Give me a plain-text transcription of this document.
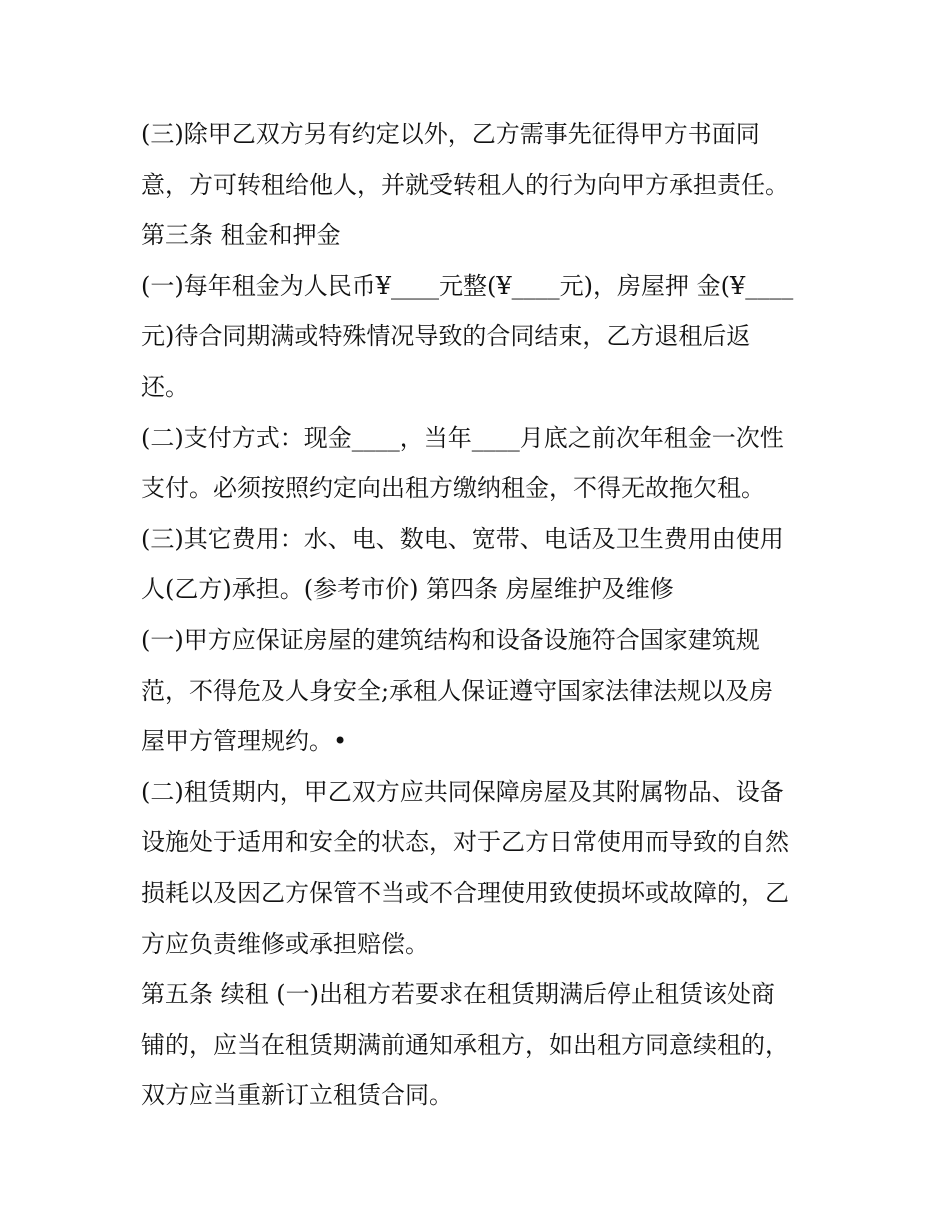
(三)除甲乙双方另有约定以外，乙方需事先征得甲方书面同
意，方可转租给他人，并就受转租人的行为向甲方承担责任。
第三条 租金和押金
(一)每年租金为人民币¥____元整(¥____元)，房屋押 金(¥____
元)待合同期满或特殊情况导致的合同结束，乙方退租后返
还。
(二)支付方式：现金____，当年____月底之前次年租金一次性
支付。必须按照约定向出租方缴纳租金，不得无故拖欠租。
(三)其它费用：水、电、数电、宽带、电话及卫生费用由使用
人(乙方)承担。(参考市价) 第四条 房屋维护及维修
(一)甲方应保证房屋的建筑结构和设备设施符合国家建筑规
范，不得危及人身安全;承租人保证遵守国家法律法规以及房
屋甲方管理规约。•
(二)租赁期内，甲乙双方应共同保障房屋及其附属物品、设备
设施处于适用和安全的状态，对于乙方日常使用而导致的自然
损耗以及因乙方保管不当或不合理使用致使损坏或故障的，乙
方应负责维修或承担赔偿。
第五条 续租 (一)出租方若要求在租赁期满后停止租赁该处商
铺的，应当在租赁期满前通知承租方，如出租方同意续租的，
双方应当重新订立租赁合同。
